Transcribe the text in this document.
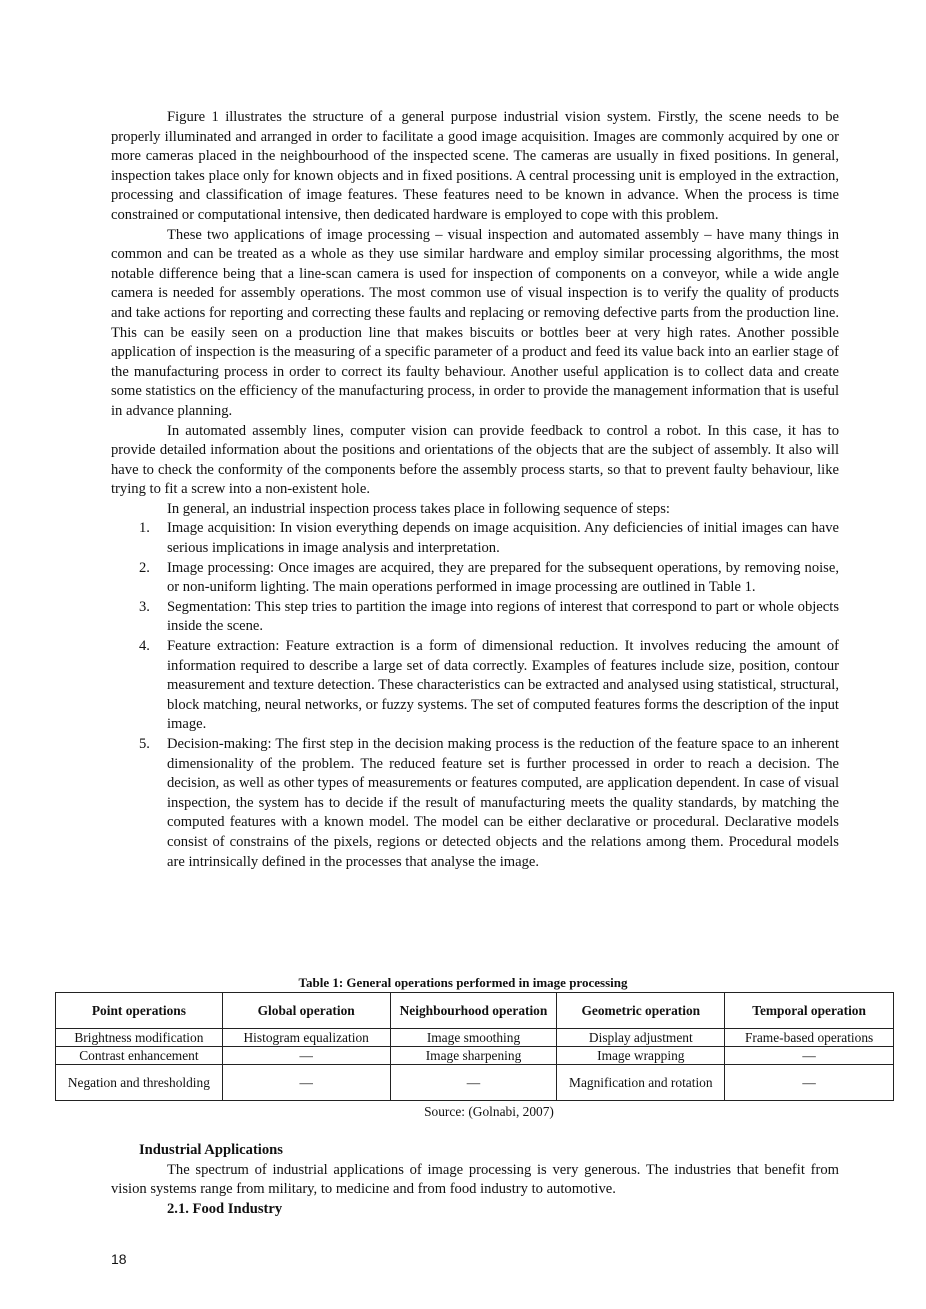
Figure 1 illustrates the structure of a general purpose industrial vision system. Firstly, the scene needs to be properly illuminated and arranged in order to facilitate a good image acquisition. Images are commonly acquired by one or more cameras placed in the neighbourhood of the inspected scene. The cameras are usually in fixed positions. In general, inspection takes place only for known objects and in fixed positions. A central processing unit is employed in the extraction, processing and classification of image features. These features need to be known in advance. When the process is time constrained or computational intensive, then dedicated hardware is employed to cope with this problem.

These two applications of image processing – visual inspection and automated assembly – have many things in common and can be treated as a whole as they use similar hardware and employ similar processing algorithms, the most notable difference being that a line-scan camera is used for inspection of components on a conveyor, while a wide angle camera is needed for assembly operations. The most common use of visual inspection is to verify the quality of products and take actions for reporting and correcting these faults and replacing or removing defective parts from the production line. This can be easily seen on a production line that makes biscuits or bottles beer at very high rates. Another possible application of inspection is the measuring of a specific parameter of a product and feed its value back into an earlier stage of the manufacturing process in order to correct its faulty behaviour. Another useful application is to collect data and create some statistics on the efficiency of the manufacturing process, in order to provide the management information that is useful in advance planning.

In automated assembly lines, computer vision can provide feedback to control a robot. In this case, it has to provide detailed information about the positions and orientations of the objects that are the subject of assembly. It also will have to check the conformity of the components before the assembly process starts, so that to prevent faulty behaviour, like trying to fit a screw into a non-existent hole.

In general, an industrial inspection process takes place in following sequence of steps:

1. Image acquisition: In vision everything depends on image acquisition. Any deficiencies of initial images can have serious implications in image analysis and interpretation.
2. Image processing: Once images are acquired, they are prepared for the subsequent operations, by removing noise, or non-uniform lighting. The main operations performed in image processing are outlined in Table 1.
3. Segmentation: This step tries to partition the image into regions of interest that correspond to part or whole objects inside the scene.
4. Feature extraction: Feature extraction is a form of dimensional reduction. It involves reducing the amount of information required to describe a large set of data correctly. Examples of features include size, position, contour measurement and texture detection. These characteristics can be extracted and analysed using statistical, structural, block matching, neural networks, or fuzzy systems. The set of computed features forms the description of the input image.
5. Decision-making: The first step in the decision making process is the reduction of the feature space to an inherent dimensionality of the problem. The reduced feature set is further processed in order to reach a decision. The decision, as well as other types of measurements or features computed, are application dependent. In case of visual inspection, the system has to decide if the result of manufacturing meets the quality standards, by matching the computed features with a known model. The model can be either declarative or procedural. Declarative models consist of constrains of the pixels, regions or detected objects and the relations among them. Procedural models are intrinsically defined in the processes that analyse the image.
Table 1: General operations performed in image processing
Point operations	Global operation	Neighbourhood operation	Geometric operation	Temporal operation
Brightness modification	Histogram equalization	Image smoothing	Display adjustment	Frame-based operations
Contrast enhancement	—	Image sharpening	Image wrapping	—
Negation and thresholding	—	—	Magnification and rotation	—
Source: (Golnabi, 2007)

Industrial Applications

The spectrum of industrial applications of image processing is very generous. The industries that benefit from vision systems range from military, to medicine and from food industry to automotive.

2.1. Food Industry

18
